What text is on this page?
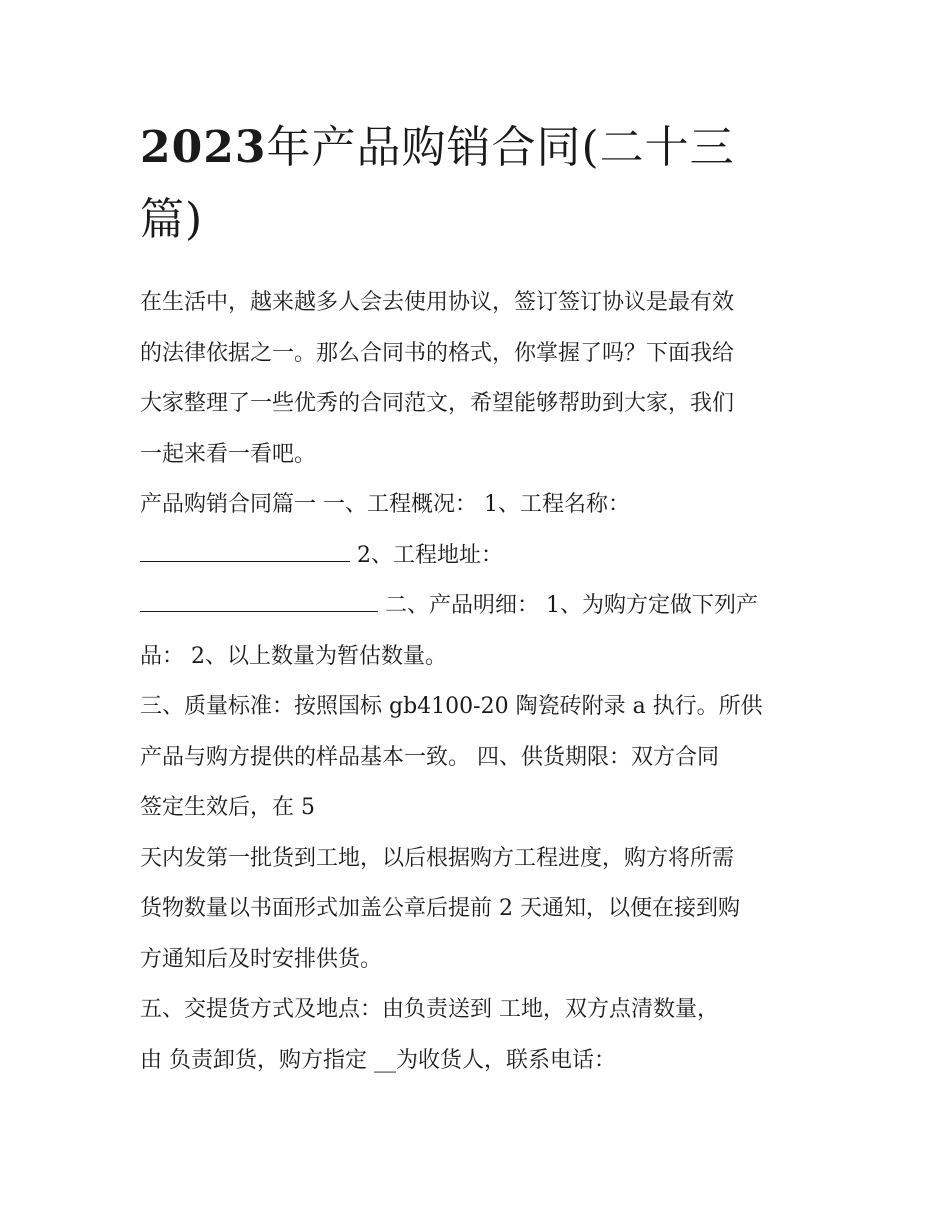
2023年产品购销合同(二十三
篇)
在生活中，越来越多人会去使用协议，签订签订协议是最有效
的法律依据之一。那么合同书的格式，你掌握了吗？下面我给
大家整理了一些优秀的合同范文，希望能够帮助到大家，我们
一起来看一看吧。
产品购销合同篇一 一、工程概况： 1、工程名称：
2、工程地址：
二、产品明细： 1、为购方定做下列产
品： 2、以上数量为暂估数量。
三、质量标准：按照国标 gb4100-20 陶瓷砖附录 a 执行。所供
产品与购方提供的样品基本一致。 四、供货期限：双方合同
签定生效后，在 5
天内发第一批货到工地，以后根据购方工程进度，购方将所需
货物数量以书面形式加盖公章后提前 2 天通知，以便在接到购
方通知后及时安排供货。
五、交提货方式及地点：由负责送到 工地，双方点清数量，
由 负责卸货，购方指定 __为收货人，联系电话：
